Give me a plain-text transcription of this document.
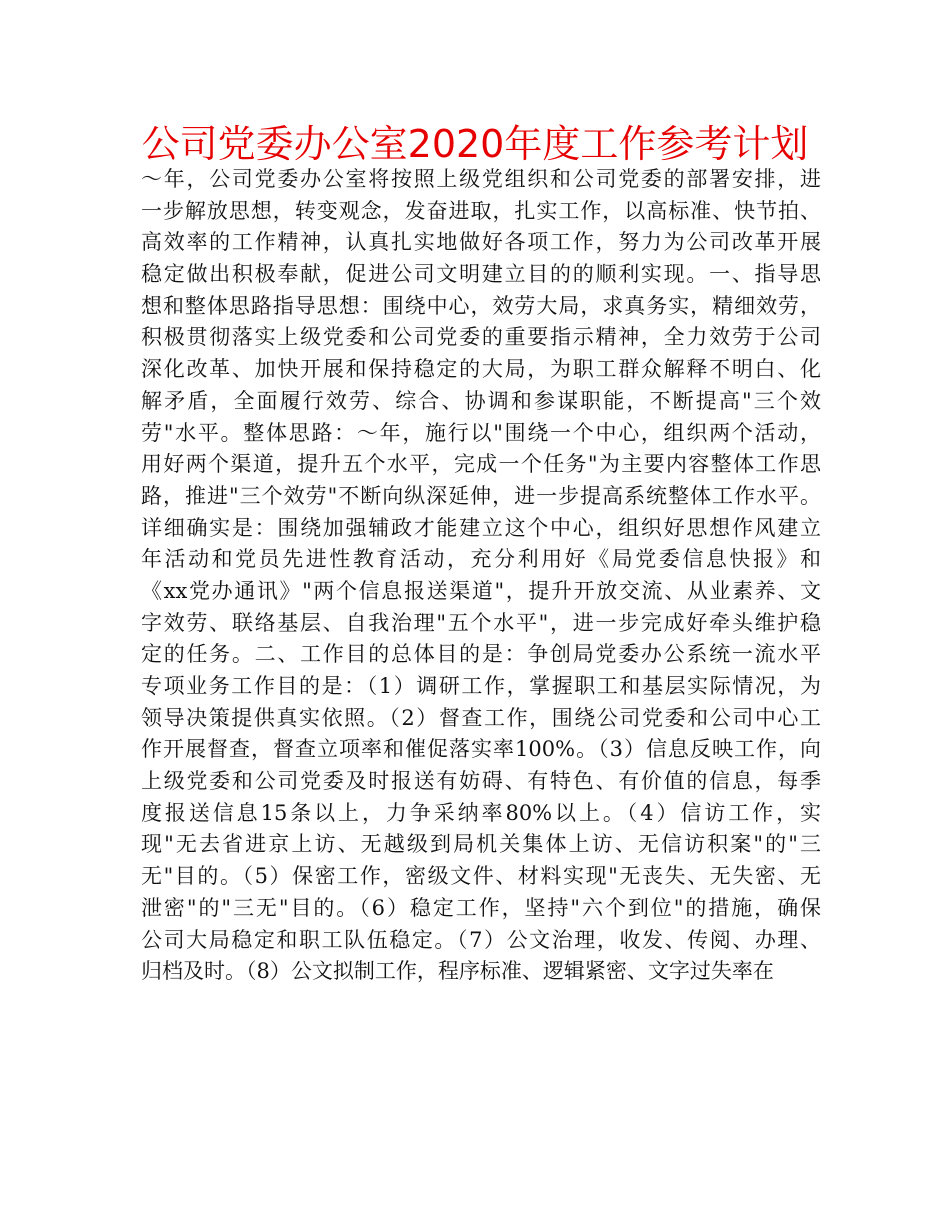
公司党委办公室2020年度工作参考计划
～年，公司党委办公室将按照上级党组织和公司党委的部署安排，进
一步解放思想，转变观念，发奋进取，扎实工作，以高标准、快节拍、
高效率的工作精神，认真扎实地做好各项工作，努力为公司改革开展
稳定做出积极奉献，促进公司文明建立目的的顺利实现。一、指导思
想和整体思路指导思想：围绕中心，效劳大局，求真务实，精细效劳，
积极贯彻落实上级党委和公司党委的重要指示精神，全力效劳于公司
深化改革、加快开展和保持稳定的大局，为职工群众解释不明白、化
解矛盾，全面履行效劳、综合、协调和参谋职能，不断提高"三个效
劳"水平。整体思路：～年，施行以"围绕一个中心，组织两个活动，
用好两个渠道，提升五个水平，完成一个任务"为主要内容整体工作思
路，推进"三个效劳"不断向纵深延伸，进一步提高系统整体工作水平。
详细确实是：围绕加强辅政才能建立这个中心，组织好思想作风建立
年活动和党员先进性教育活动，充分利用好《局党委信息快报》和
《xx党办通讯》"两个信息报送渠道"，提升开放交流、从业素养、文
字效劳、联络基层、自我治理"五个水平"，进一步完成好牵头维护稳
定的任务。二、工作目的总体目的是：争创局党委办公系统一流水平
专项业务工作目的是：（1）调研工作，掌握职工和基层实际情况，为
领导决策提供真实依照。（2）督查工作，围绕公司党委和公司中心工
作开展督查，督查立项率和催促落实率100%。（3）信息反映工作，向
上级党委和公司党委及时报送有妨碍、有特色、有价值的信息，每季
度报送信息15条以上，力争采纳率80%以上。（4）信访工作，实
现"无去省进京上访、无越级到局机关集体上访、无信访积案"的"三
无"目的。（5）保密工作，密级文件、材料实现"无丧失、无失密、无
泄密"的"三无"目的。（6）稳定工作，坚持"六个到位"的措施，确保
公司大局稳定和职工队伍稳定。（7）公文治理，收发、传阅、办理、
归档及时。（8）公文拟制工作，程序标准、逻辑紧密、文字过失率在
